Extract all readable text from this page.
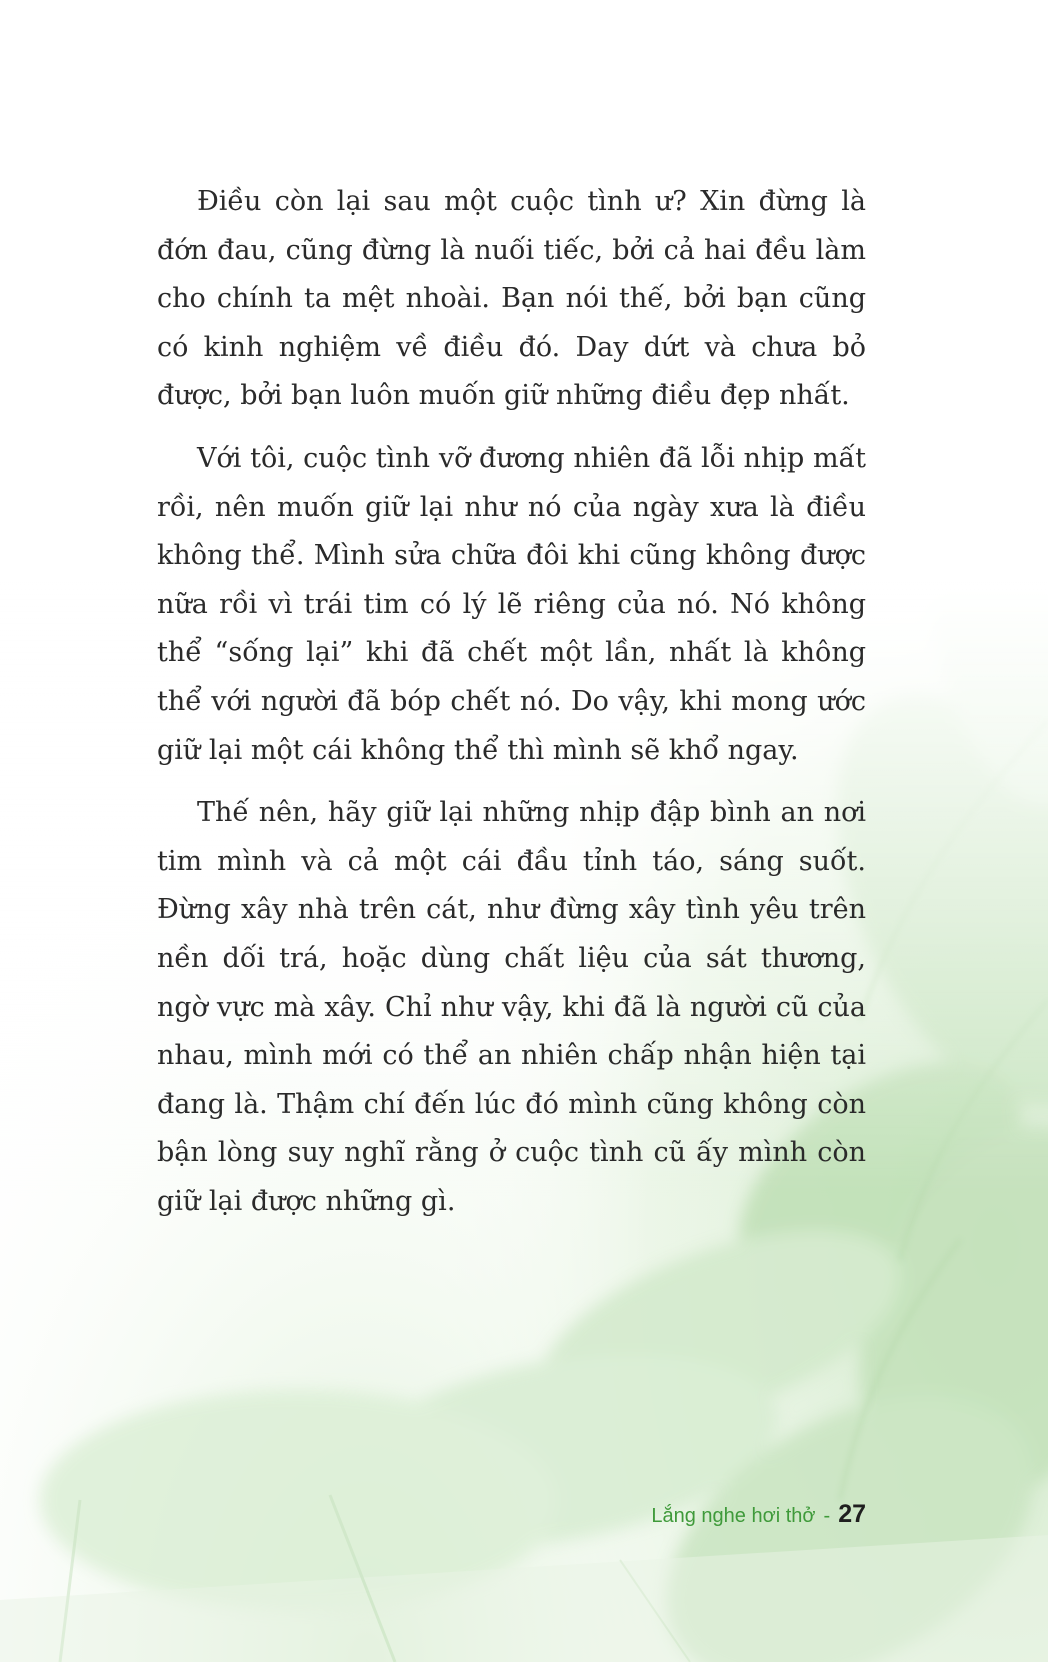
Điều còn lại sau một cuộc tình ư? Xin đừng là đớn đau, cũng đừng là nuối tiếc, bởi cả hai đều làm cho chính ta mệt nhoài. Bạn nói thế, bởi bạn cũng có kinh nghiệm về điều đó. Day dứt và chưa bỏ được, bởi bạn luôn muốn giữ những điều đẹp nhất.

Với tôi, cuộc tình vỡ đương nhiên đã lỗi nhịp mất rồi, nên muốn giữ lại như nó của ngày xưa là điều không thể. Mình sửa chữa đôi khi cũng không được nữa rồi vì trái tim có lý lẽ riêng của nó. Nó không thể “sống lại” khi đã chết một lần, nhất là không thể với người đã bóp chết nó. Do vậy, khi mong ước giữ lại một cái không thể thì mình sẽ khổ ngay.

Thế nên, hãy giữ lại những nhịp đập bình an nơi tim mình và cả một cái đầu tỉnh táo, sáng suốt. Đừng xây nhà trên cát, như đừng xây tình yêu trên nền dối trá, hoặc dùng chất liệu của sát thương, ngờ vực mà xây. Chỉ như vậy, khi đã là người cũ của nhau, mình mới có thể an nhiên chấp nhận hiện tại đang là. Thậm chí đến lúc đó mình cũng không còn bận lòng suy nghĩ rằng ở cuộc tình cũ ấy mình còn giữ lại được những gì.

Lắng nghe hơi thở - 27
